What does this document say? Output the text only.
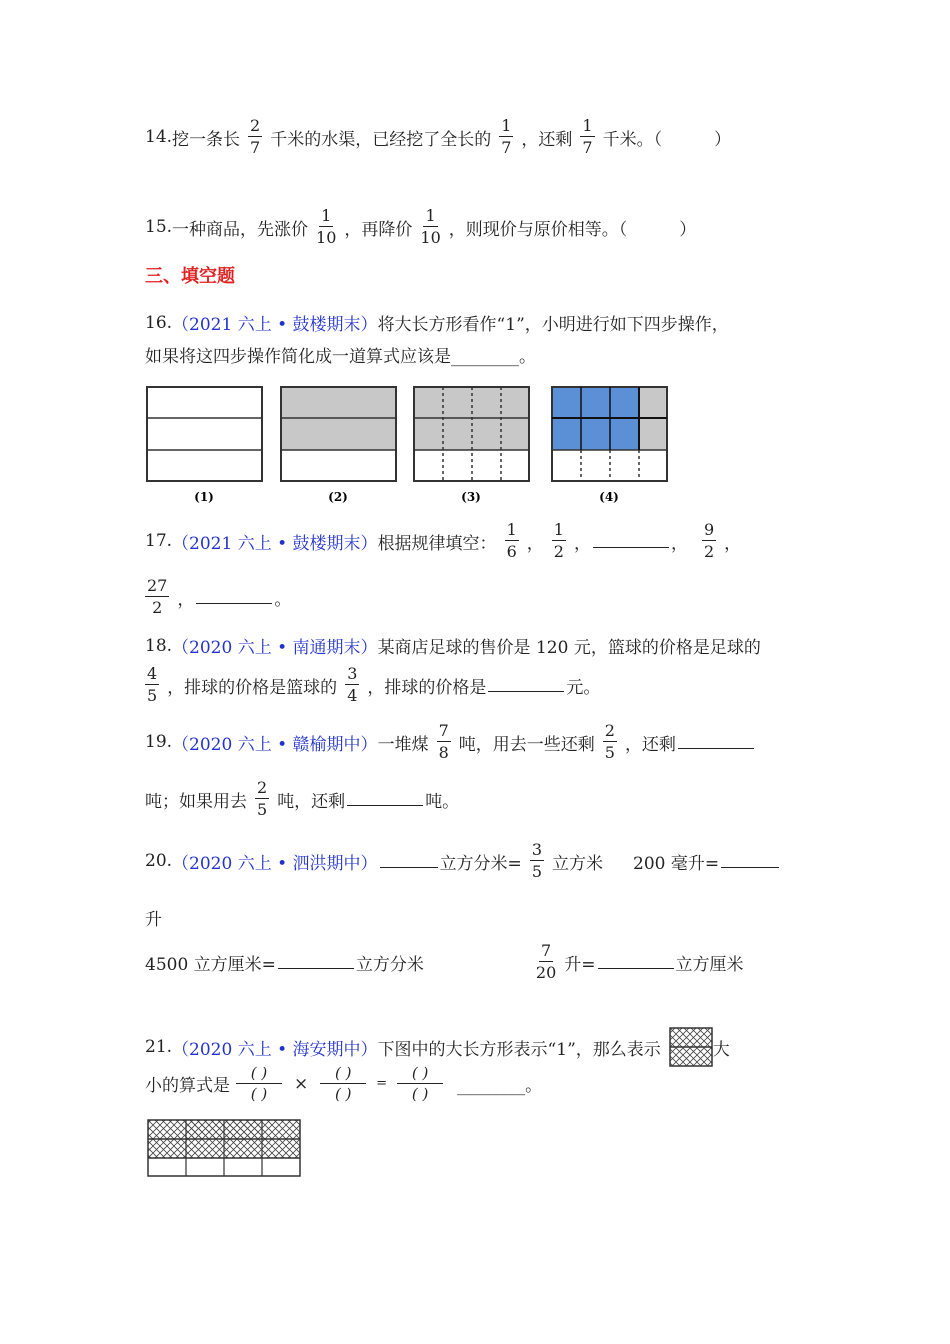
14. 挖一条长 $\frac{2}{7}$ 千米的水渠，已经挖了全长的 $\frac{1}{7}$ ，还剩 $\frac{1}{7}$ 千米。（	）
15. 一种商品，先涨价 $\frac{1}{10}$ ，再降价 $\frac{1}{10}$ ，则现价与原价相等。（	）
三、填空题
16. （2021 六上 • 鼓楼期末） 将大长方形看作“1”，小明进行如下四步操作，
如果将这四步操作简化成一道算式应该是________。
(1)	(2)	(3)	(4)
17. （2021 六上 • 鼓楼期末） 根据规律填空： $\frac{1}{6}$ ， $\frac{1}{2}$ ，	， $\frac{9}{2}$ ，
$\frac{27}{2}$ ，	。
18. （2020 六上 • 南通期末） 某商店足球的售价是 120 元，篮球的价格是足球的
$\frac{4}{5}$ ，排球的价格是篮球的 $\frac{3}{4}$ ，排球的价格是	元。
19. （2020 六上 • 赣榆期中） 一堆煤 $\frac{7}{8}$ 吨，用去一些还剩 $\frac{2}{5}$ ，还剩
吨；如果用去 $\frac{2}{5}$ 吨，还剩	吨。
20. （2020 六上 • 泗洪期中）	立方分米= $\frac{3}{5}$ 立方米 200 毫升=
升
4500 立方厘米=	立方分米	$\frac{7}{20}$ 升=	立方厘米
21. （2020 六上 • 海安期中） 下图中的大长方形表示“1”，那么表示	大
小的算式是
( )
( )
×
( )
( )
=
( )
( )	________。
